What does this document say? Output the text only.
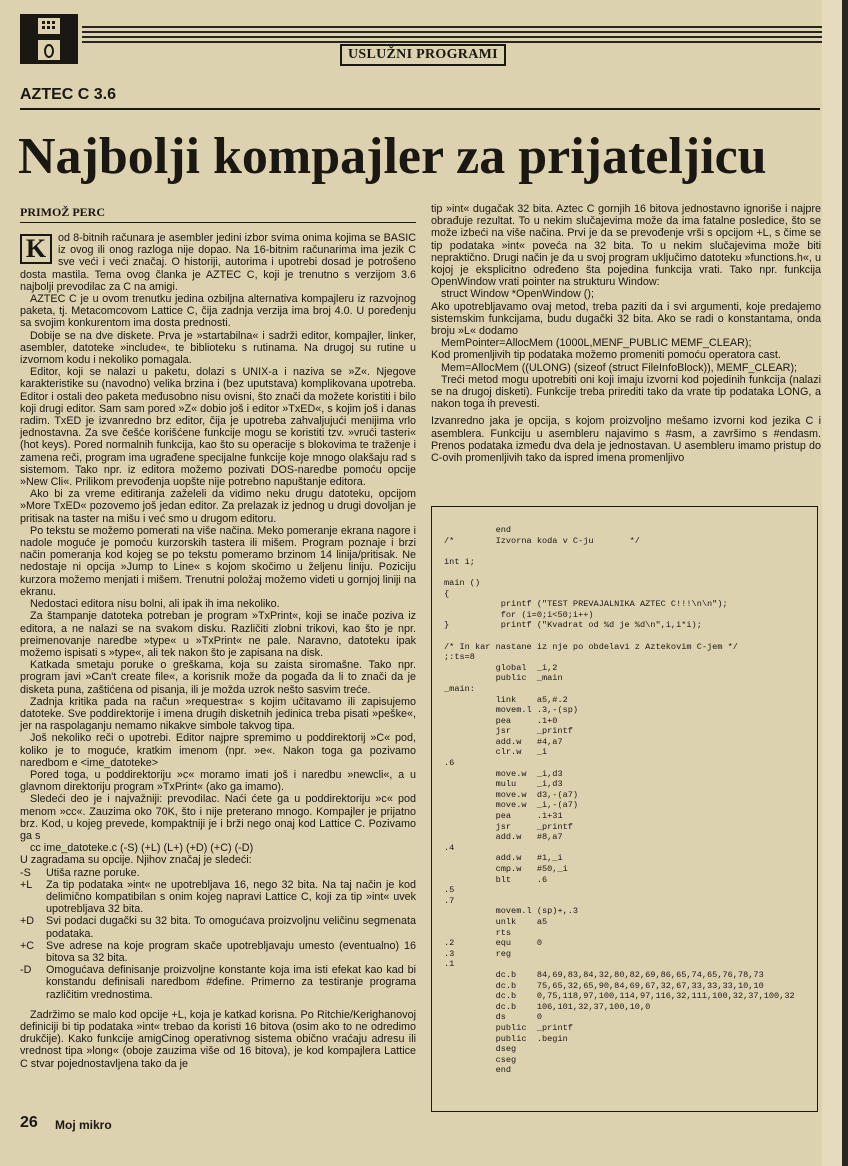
USLUŽNI PROGRAMI
AZTEC C 3.6
Najbolji kompajler za prijateljicu
PRIMOŽ PERC

K	od 8-bitnih računara je asembler jedini izbor svima onima kojima se BASIC iz ovog ili onog razloga nije dopao. Na 16-bitnim računarima ima jezik C sve veći i veći značaj. O historiji, autorima i upotrebi dosad je potrošeno dosta mastila. Tema ovog članka je AZTEC C, koji je trenutno s verzijom 3.6 najbolji prevodilac za C na amigi.

AZTEC C je u ovom trenutku jedina ozbiljna alternativa kompajleru iz razvojnog paketa, tj. Metacomcovom Lattice C, čija zadnja verzija ima broj 4.0. U poređenju sa svojim konkurentom ima dosta prednosti.

Dobije se na dve diskete. Prva je »startabilna« i sadrži editor, kompajler, linker, asembler, datoteke »include«, te biblioteku s rutinama. Na drugoj su rutine u izvornom kodu i nekoliko pomagala.

Editor, koji se nalazi u paketu, dolazi s UNIX-a i naziva se »Z«. Njegove karakteristike su (navodno) velika brzina i (bez uputstava) komplikovana upotreba. Editor i ostali deo paketa međusobno nisu ovisni, što znači da možete koristiti i bilo koji drugi editor. Sam sam pored »Z« dobio još i editor »TxED«, s kojim još i danas radim. TxED je izvanredno brz editor, čija je upotreba zahvaljujući menijima vrlo jednostavna. Za sve češće korišćene funkcije mogu se koristiti tzv. »vrući tasteri« (hot keys). Pored normalnih funkcija, kao što su operacije s blokovima te traženje i zamena reči, program ima ugrađene specijalne funkcije koje mnogo olakšaju rad s sistemom. Tako npr. iz editora možemo pozivati DOS-naredbe pomoću opcije »New Cli«. Prilikom prevođenja uopšte nije potrebno napuštanje editora.

Ako bi za vreme editiranja zaželeli da vidimo neku drugu datoteku, opcijom »More TxED« pozovemo još jedan editor. Za prelazak iz jednog u drugi dovoljan je pritisak na taster na mišu i već smo u drugom editoru.

Po tekstu se možemo pomerati na više načina. Meko pomeranje ekrana nagore i nadole moguće je pomoću kurzorskih tastera ili mišem. Program poznaje i brzi način pomeranja kod kojeg se po tekstu pomeramo brzinom 14 linija/pritisak. Ne nedostaje ni opcija »Jump to Line« s kojom skočimo u željenu liniju. Poziciju kurzora možemo menjati i mišem. Trenutni položaj možemo videti u gornjoj liniji na ekranu.

Nedostaci editora nisu bolni, ali ipak ih ima nekoliko.

Za štampanje datoteka potreban je program »TxPrint«, koji se inače poziva iz editora, a ne nalazi se na svakom disku. Različiti zlobni trikovi, kao što je npr. preimenovanje naredbe »type« u »TxPrint« ne pale. Naravno, datoteku ipak možemo ispisati s »type«, ali tek nakon što je zapisana na disk.

Katkada smetaju poruke o greškama, koja su zaista siromašne. Tako npr. program javi »Can't create file«, a korisnik može da pogađa da li to znači da je disketa puna, zaštićena od pisanja, ili je možda uzrok nešto sasvim treće.

Zadnja kritika pada na račun »requestra« s kojim učitavamo ili zapisujemo datoteke. Sve poddirektorije i imena drugih disketnih jedinica treba pisati »peške«, jer na raspolaganju nemamo nikakve simbole takvog tipa.

Još nekoliko reči o upotrebi. Editor najpre spremimo u poddirektorij »C« pod, koliko je to moguće, kratkim imenom (npr. »e«. Nakon toga ga pozivamo naredbom e <ime_datoteke>

Pored toga, u poddirektoriju »c« moramo imati još i naredbu »newcli«, a u glavnom direktoriju program »TxPrint« (ako ga imamo).

Sledeći deo je i najvažniji: prevodilac. Naći ćete ga u poddirektoriju »c« pod menom »cc«. Zauzima oko 70K, što i nije preterano mnogo. Kompajler je prijatno brz. Kod, u kojeg prevede, kompaktniji je i brži nego onaj kod Lattice C. Pozivamo ga s

cc ime_datoteke.c (-S) (+L) (L+) (+D) (+C) (-D)

U zagradama su opcije. Njihov značaj je sledeći:

-S	Utiša razne poruke.
+L	Za tip podataka »int« ne upotrebljava 16, nego 32 bita. Na taj način je kod delimično kompatibilan s onim kojeg napravi Lattice C, koji za tip »int« uvek upotrebljava 32 bita.
+D	Svi podaci dugački su 32 bita. To omogućava proizvoljnu veličinu segmenata podataka.
+C	Sve adrese na koje program skače upotrebljavaju umesto (eventualno) 16 bitova sa 32 bita.
-D	Omogućava definisanje proizvoljne konstante koja ima isti efekat kao kad bi konstandu definisali naredbom #define. Primerno za testiranje programa različitim vrednostima.

Zadržimo se malo kod opcije +L, koja je katkad korisna. Po Ritchie/Kerighanovoj definiciji bi tip podataka »int« trebao da koristi 16 bitova (osim ako to ne odredimo drukčije). Kako funkcije amigCinog operativnog sistema obično vraćaju adresu ili vrednost tipa »long« (oboje zauzima više od 16 bitova), je kod kompajlera Lattice C stvar pojednostavljena tako da je

tip »int« dugačak 32 bita. Aztec C gornjih 16 bitova jednostavno ignoriše i najpre obrađuje rezultat. To u nekim slučajevima može da ima fatalne posledice, što se može izbeći na više načina. Prvi je da se prevođenje vrši s opcijom +L, s čime se tip podataka »int« poveća na 32 bita. To u nekim slučajevima može biti nepraktično. Drugi način je da u svoj program uključimo datoteku »functions.h«, u kojoj je eksplicitno određeno šta pojedina funkcija vrati. Tako npr. funkcija OpenWindow vrati pointer na strukturu Window:

struct Window *OpenWindow ();

Ako upotrebljavamo ovaj metod, treba paziti da i svi argumenti, koje predajemo sistemskim funkcijama, budu dugački 32 bita. Ako se radi o konstantama, onda broju »L« dodamo

MemPointer=AllocMem (1000L,MENF_PUBLIC MEMF_CLEAR);

Kod promenljivih tip podataka možemo promeniti pomoću operatora cast.

Mem=AllocMem ((ULONG) (sizeof (struct FileInfoBlock)), MEMF_CLEAR);

Treći metod mogu upotrebiti oni koji imaju izvorni kod pojedinih funkcija (nalazi se na drugoj disketi). Funkcije treba prirediti tako da vrate tip podataka LONG, a nakon toga ih prevesti.

Izvanredno jaka je opcija, s kojom proizvoljno mešamo izvorni kod jezika C i asemblera. Funkciju u asembleru najavimo s #asm, a završimo s #endasm. Prenos podataka između dva dela je jednostavan. U asembleru imamo pristup do C-ovih promenljivih tako da ispred imena promenljivo

end
/*        Izvorna koda v C-ju       */

int i;

main ()
{
printf ("TEST PREVAJALNIKA AZTEC C!!!\n\n");
for (i=0;i<50;i++)
}          printf ("Kvadrat od %d je %d\n",i,i*i);

/* In kar nastane iz nje po obdelavi z Aztekovim C-jem */
;:ts=8
global  _i,2
public  _main
_main:
link    a5,#.2
movem.l .3,-(sp)
pea     .1+0
jsr     _printf
add.w   #4,a7
clr.w   _i
.6
move.w  _i,d3
mulu    _i,d3
move.w  d3,-(a7)
move.w  _i,-(a7)
pea     .1+31
jsr     _printf
add.w   #8,a7
.4
add.w   #1,_i
cmp.w   #50,_i
blt     .6
.5
.7
movem.l (sp)+,.3
unlk    a5
rts
.2        equ     0
.3        reg
.1
dc.b    84,69,83,84,32,80,82,69,86,65,74,65,76,78,73
dc.b    75,65,32,65,90,84,69,67,32,67,33,33,33,10,10
dc.b    0,75,118,97,100,114,97,116,32,111,100,32,37,100,32
dc.b    106,101,32,37,100,10,0
ds      0
public  _printf
public  .begin
dseg
cseg
end
26 Moj mikro
